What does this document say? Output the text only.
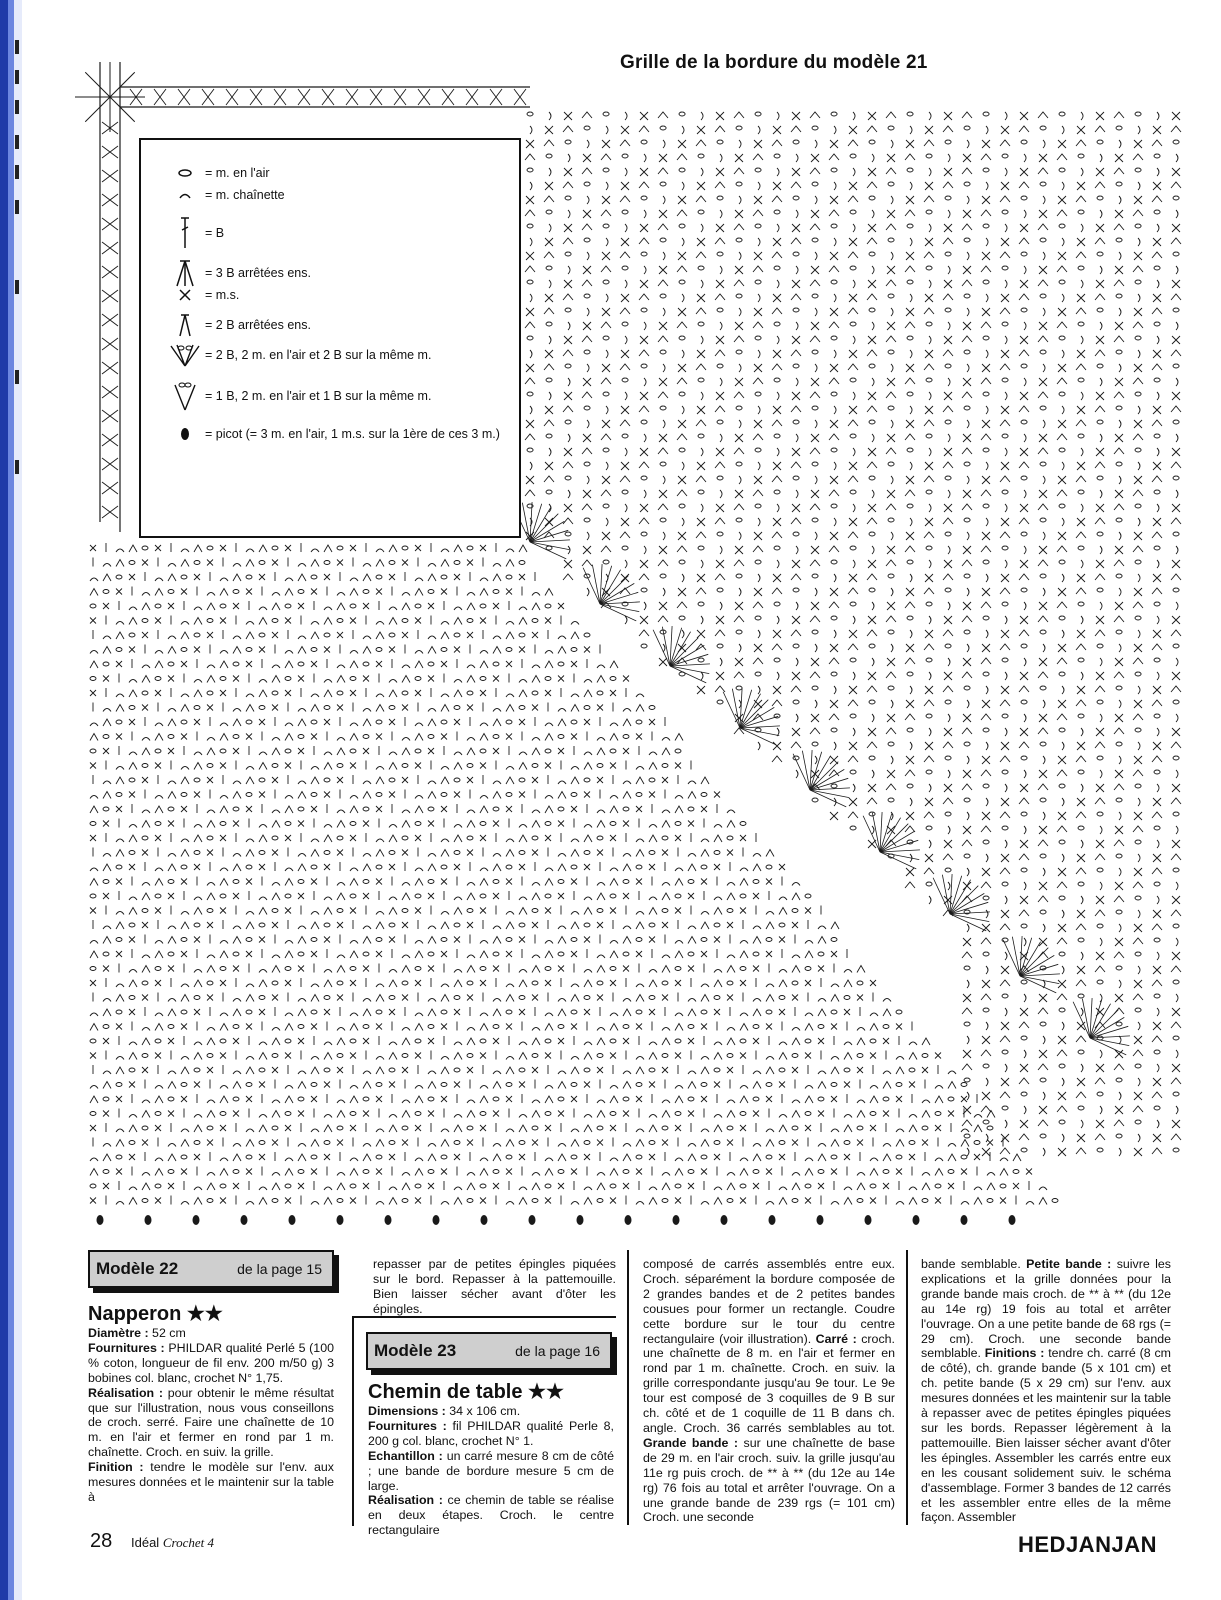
Grille de la bordure du modèle 21
= m. en l'air
= m. chaînette
= B
= 3 B arrêtées ens.
= m.s.
= 2 B arrêtées ens.
= 2 B, 2 m. en l'air et 2 B sur la même m.
= 1 B, 2 m. en l'air et 1 B sur la même m.
= picot (= 3 m. en l'air, 1 m.s. sur la 1ère de ces 3 m.)
Modèle 22	de la page 15

Napperon ★★

Diamètre : 52 cm

Fournitures : PHILDAR qualité Perlé 5 (100 % coton, longueur de fil env. 200 m/50 g) 3 bobines col. blanc, crochet N° 1,75.

Réalisation : pour obtenir le même résultat que sur l'illustration, nous vous conseillons de croch. serré. Faire une chaînette de 10 m. en l'air et fermer en rond par 1 m. chaînette. Croch. en suiv. la grille.

Finition : tendre le modèle sur l'env. aux mesures données et le maintenir sur la table à

repasser par de petites épingles piquées sur le bord. Repasser à la pattemouille. Bien laisser sécher avant d'ôter les épingles.

Modèle 23	de la page 16

Chemin de table ★★

Dimensions : 34 x 106 cm.

Fournitures : fil PHILDAR qualité Perle 8, 200 g col. blanc, crochet N° 1.

Echantillon : un carré mesure 8 cm de côté ; une bande de bordure mesure 5 cm de large.

Réalisation : ce chemin de table se réalise en deux étapes. Croch. le centre rectangulaire

composé de carrés assemblés entre eux. Croch. séparément la bordure composée de 2 grandes bandes et de 2 petites bandes cousues pour former un rectangle. Coudre cette bordure sur le tour du centre rectangulaire (voir illustration). Carré : croch. une chaînette de 8 m. en l'air et fermer en rond par 1 m. chaînette. Croch. en suiv. la grille correspondante jusqu'au 9e tour. Le 9e tour est composé de 3 coquilles de 9 B sur ch. côté et de 1 coquille de 11 B dans ch. angle. Croch. 36 carrés semblables au tot. Grande bande : sur une chaînette de base de 29 m. en l'air croch. suiv. la grille jusqu'au 11e rg puis croch. de ** à ** (du 12e au 14e rg) 76 fois au total et arrêter l'ouvrage. On a une grande bande de 239 rgs (= 101 cm) Croch. une seconde

bande semblable. Petite bande : suivre les explications et la grille données pour la grande bande mais croch. de ** à ** (du 12e au 14e rg) 19 fois au total et arrêter l'ouvrage. On a une petite bande de 68 rgs (= 29 cm). Croch. une seconde bande semblable. Finitions : tendre ch. carré (8 cm de côté), ch. grande bande (5 x 101 cm) et ch. petite bande (5 x 29 cm) sur l'env. aux mesures données et les maintenir sur la table à repasser avec de petites épingles piquées sur les bords. Repasser légèrement à la pattemouille. Bien laisser sécher avant d'ôter les épingles. Assembler les carrés entre eux en les cousant solidement suiv. le schéma d'assemblage. Former 3 bandes de 12 carrés et les assembler entre elles de la même façon. Assembler

28 Idéal Crochet 4	HEDJANJAN
